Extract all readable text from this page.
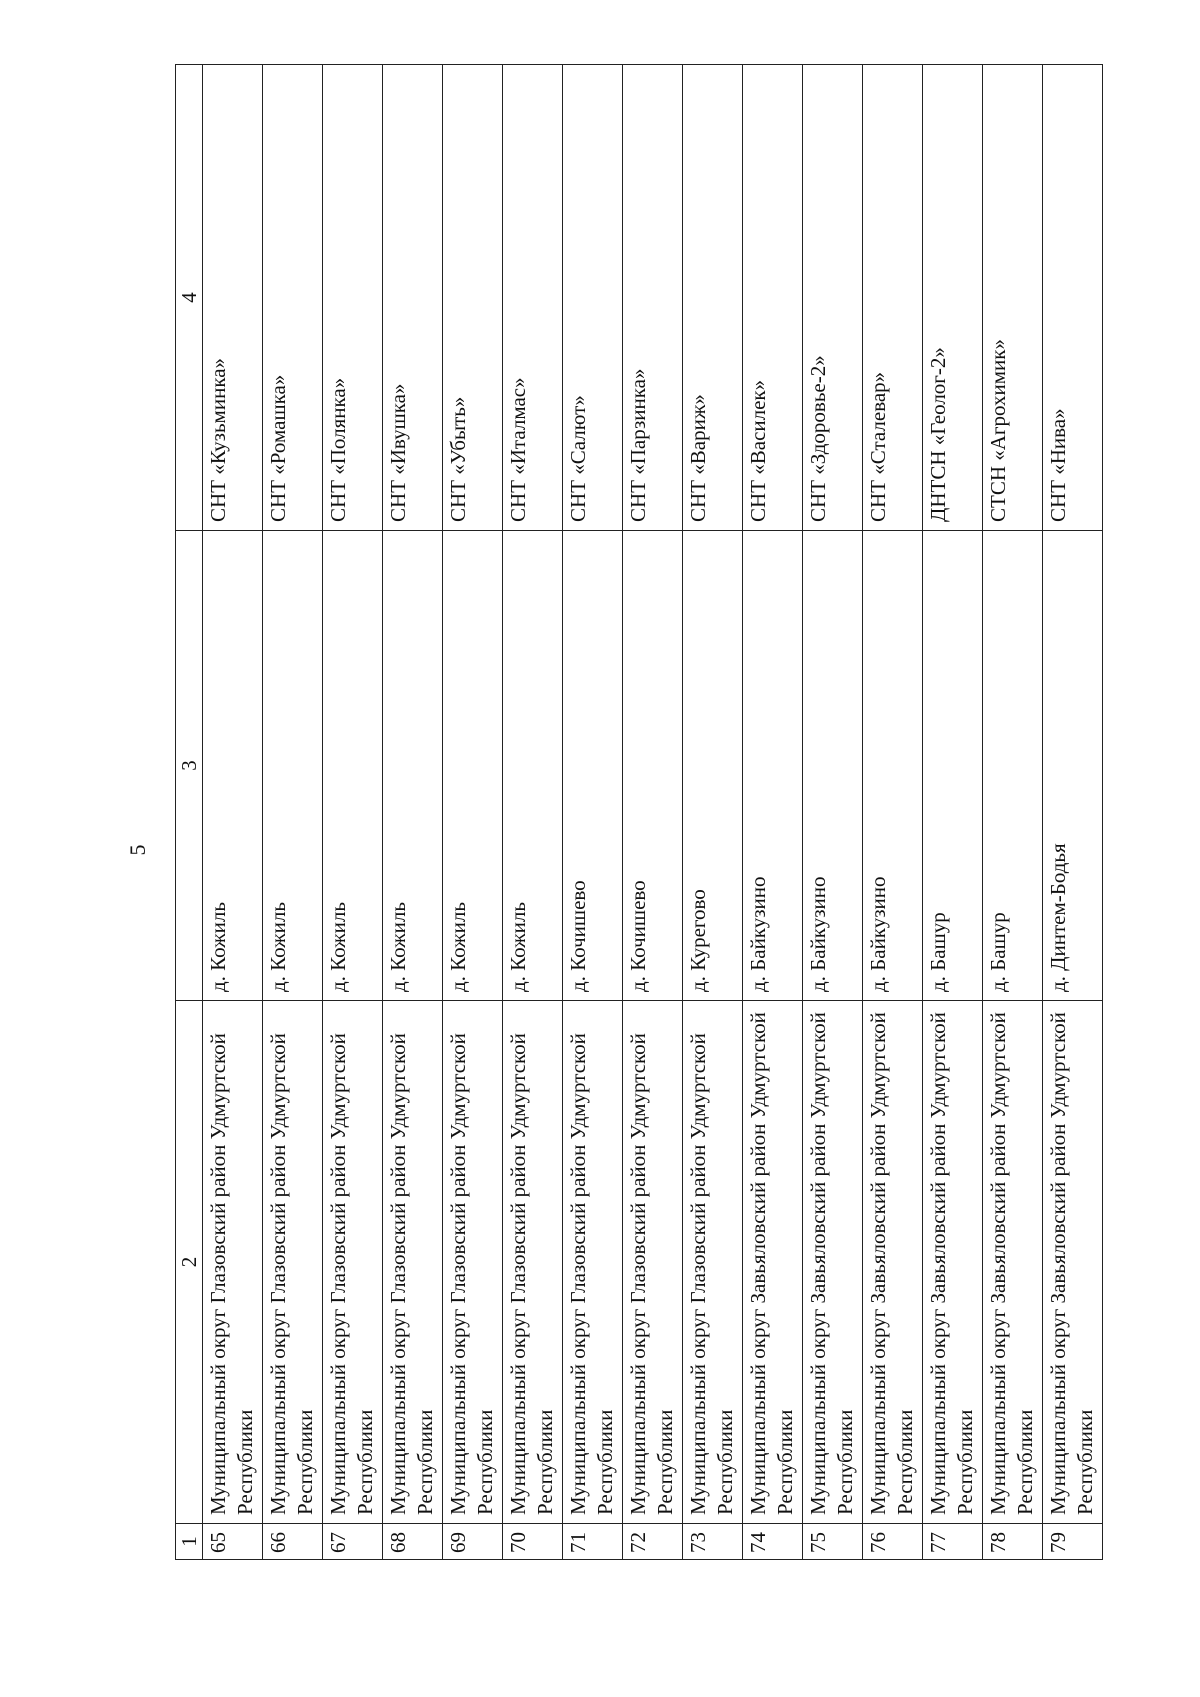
5
1	2	3	4
65	Муниципальный округ Глазовский район Удмуртской Республики	д. Кожиль	СНТ «Кузьминка»
66	Муниципальный округ Глазовский район Удмуртской Республики	д. Кожиль	СНТ «Ромашка»
67	Муниципальный округ Глазовский район Удмуртской Республики	д. Кожиль	СНТ «Полянка»
68	Муниципальный округ Глазовский район Удмуртской Республики	д. Кожиль	СНТ «Ивушка»
69	Муниципальный округ Глазовский район Удмуртской Республики	д. Кожиль	СНТ «Убыть»
70	Муниципальный округ Глазовский район Удмуртской Республики	д. Кожиль	СНТ «Италмас»
71	Муниципальный округ Глазовский район Удмуртской Республики	д. Кочишево	СНТ «Салют»
72	Муниципальный округ Глазовский район Удмуртской Республики	д. Кочишево	СНТ «Парзинка»
73	Муниципальный округ Глазовский район Удмуртской Республики	д. Курегово	СНТ «Вариж»
74	Муниципальный округ Завьяловский район Удмуртской Республики	д. Байкузино	СНТ «Василек»
75	Муниципальный округ Завьяловский район Удмуртской Республики	д. Байкузино	СНТ «Здоровье-2»
76	Муниципальный округ Завьяловский район Удмуртской Республики	д. Байкузино	СНТ «Сталевар»
77	Муниципальный округ Завьяловский район Удмуртской Республики	д. Башур	ДНТСН «Геолог-2»
78	Муниципальный округ Завьяловский район Удмуртской Республики	д. Башур	СТСН «Агрохимик»
79	Муниципальный округ Завьяловский район Удмуртской Республики	д. Динтем-Бодья	СНТ «Нива»
